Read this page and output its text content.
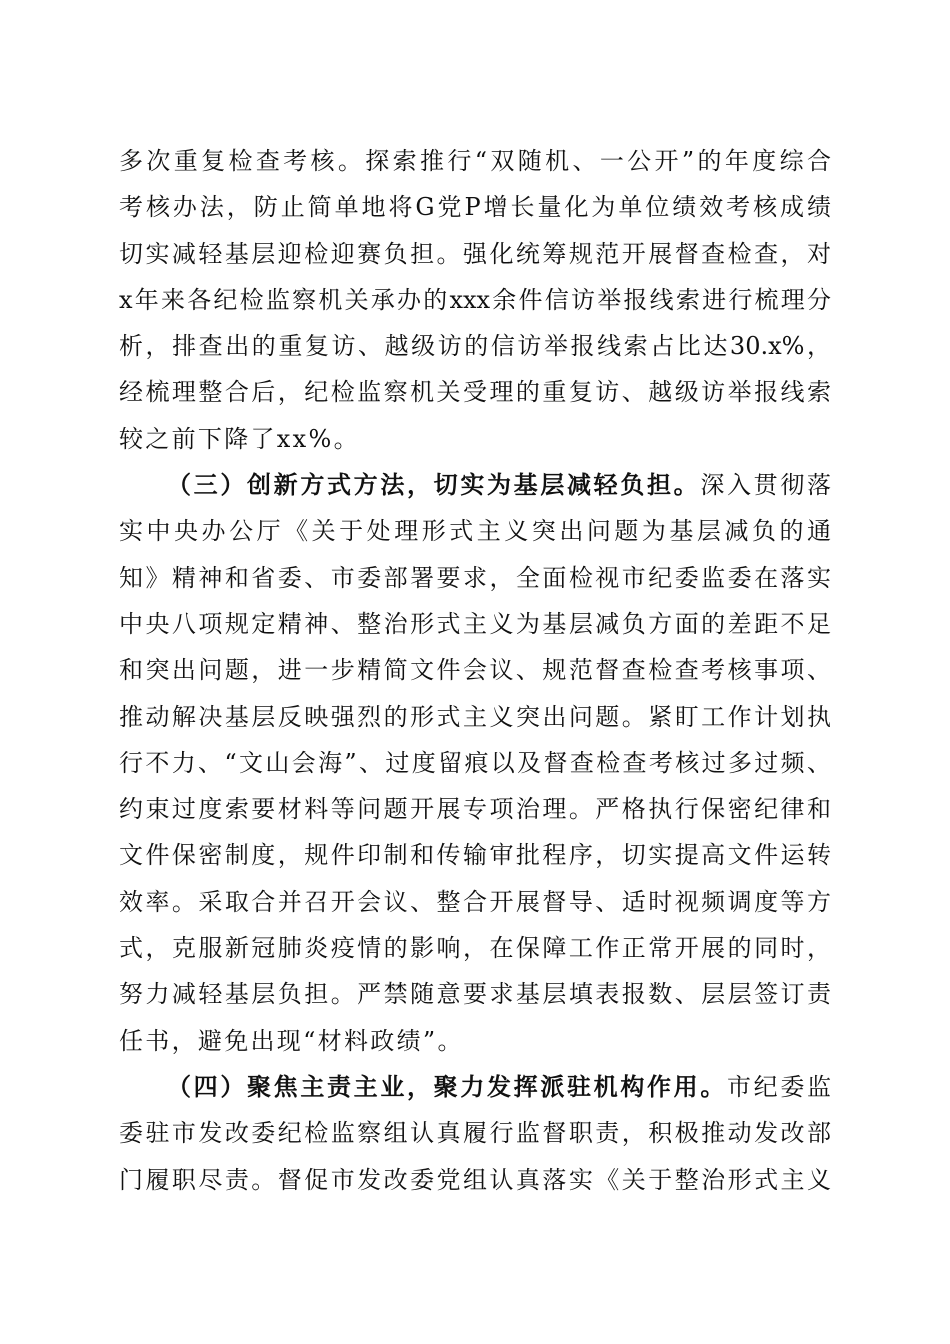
多次重复检查考核。探索推行“双随机、一公开”的年度综合
考核办法，防止简单地将G党P增长量化为单位绩效考核成绩
切实减轻基层迎检迎赛负担。强化统筹规范开展督查检查，对
x年来各纪检监察机关承办的xxx余件信访举报线索进行梳理分
析，排查出的重复访、越级访的信访举报线索占比达30.x%，
经梳理整合后，纪检监察机关受理的重复访、越级访举报线索
较之前下降了xx%。
（三）创新方式方法，切实为基层减轻负担。深入贯彻落
实中央办公厅《关于处理形式主义突出问题为基层减负的通
知》精神和省委、市委部署要求，全面检视市纪委监委在落实
中央八项规定精神、整治形式主义为基层减负方面的差距不足
和突出问题，进一步精简文件会议、规范督查检查考核事项、
推动解决基层反映强烈的形式主义突出问题。紧盯工作计划执
行不力、“文山会海”、过度留痕以及督查检查考核过多过频、
约束过度索要材料等问题开展专项治理。严格执行保密纪律和
文件保密制度，规件印制和传输审批程序，切实提高文件运转
效率。采取合并召开会议、整合开展督导、适时视频调度等方
式，克服新冠肺炎疫情的影响，在保障工作正常开展的同时，
努力减轻基层负担。严禁随意要求基层填表报数、层层签订责
任书，避免出现“材料政绩”。
（四）聚焦主责主业，聚力发挥派驻机构作用。市纪委监
委驻市发改委纪检监察组认真履行监督职责，积极推动发改部
门履职尽责。督促市发改委党组认真落实《关于整治形式主义
